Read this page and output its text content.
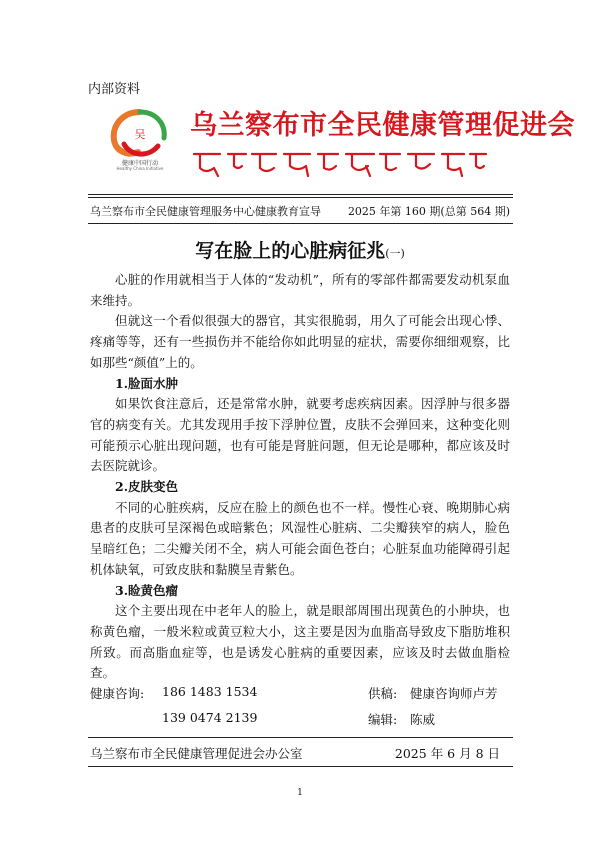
内部资料
吴
健康中国行动
Healthy China Initiative
乌兰察布市全民健康管理促进会
乌兰察布市全民健康管理服务中心健康教育宣导 2025 年第 160 期(总第 564 期)
写在脸上的心脏病征兆(一)

心脏的作用就相当于人体的“发动机”，所有的零部件都需要发动机泵血来维持。

但就这一个看似很强大的器官，其实很脆弱，用久了可能会出现心悸、疼痛等等，还有一些损伤并不能给你如此明显的症状，需要你细细观察，比如那些“颜值”上的。

1.脸面水肿

如果饮食注意后，还是常常水肿，就要考虑疾病因素。因浮肿与很多器官的病变有关。尤其发现用手按下浮肿位置，皮肤不会弹回来，这种变化则可能预示心脏出现问题，也有可能是肾脏问题，但无论是哪种，都应该及时去医院就诊。

2.皮肤变色

不同的心脏疾病，反应在脸上的颜色也不一样。慢性心衰、晚期肺心病患者的皮肤可呈深褐色或暗紫色；风湿性心脏病、二尖瓣狭窄的病人，脸色呈暗红色；二尖瓣关闭不全，病人可能会面色苍白；心脏泵血功能障碍引起机体缺氧，可致皮肤和黏膜呈青紫色。

3.睑黄色瘤

这个主要出现在中老年人的脸上，就是眼部周围出现黄色的小肿块，也称黄色瘤，一般米粒或黄豆粒大小，这主要是因为血脂高导致皮下脂肪堆积所致。而高脂血症等，也是诱发心脏病的重要因素，应该及时去做血脂检查。

健康咨询: 186 1483 1534
139 0474 2139
供稿: 健康咨询师卢芳
编辑: 陈威
乌兰察布市全民健康管理促进会办公室	2025 年 6 月 8 日
1
